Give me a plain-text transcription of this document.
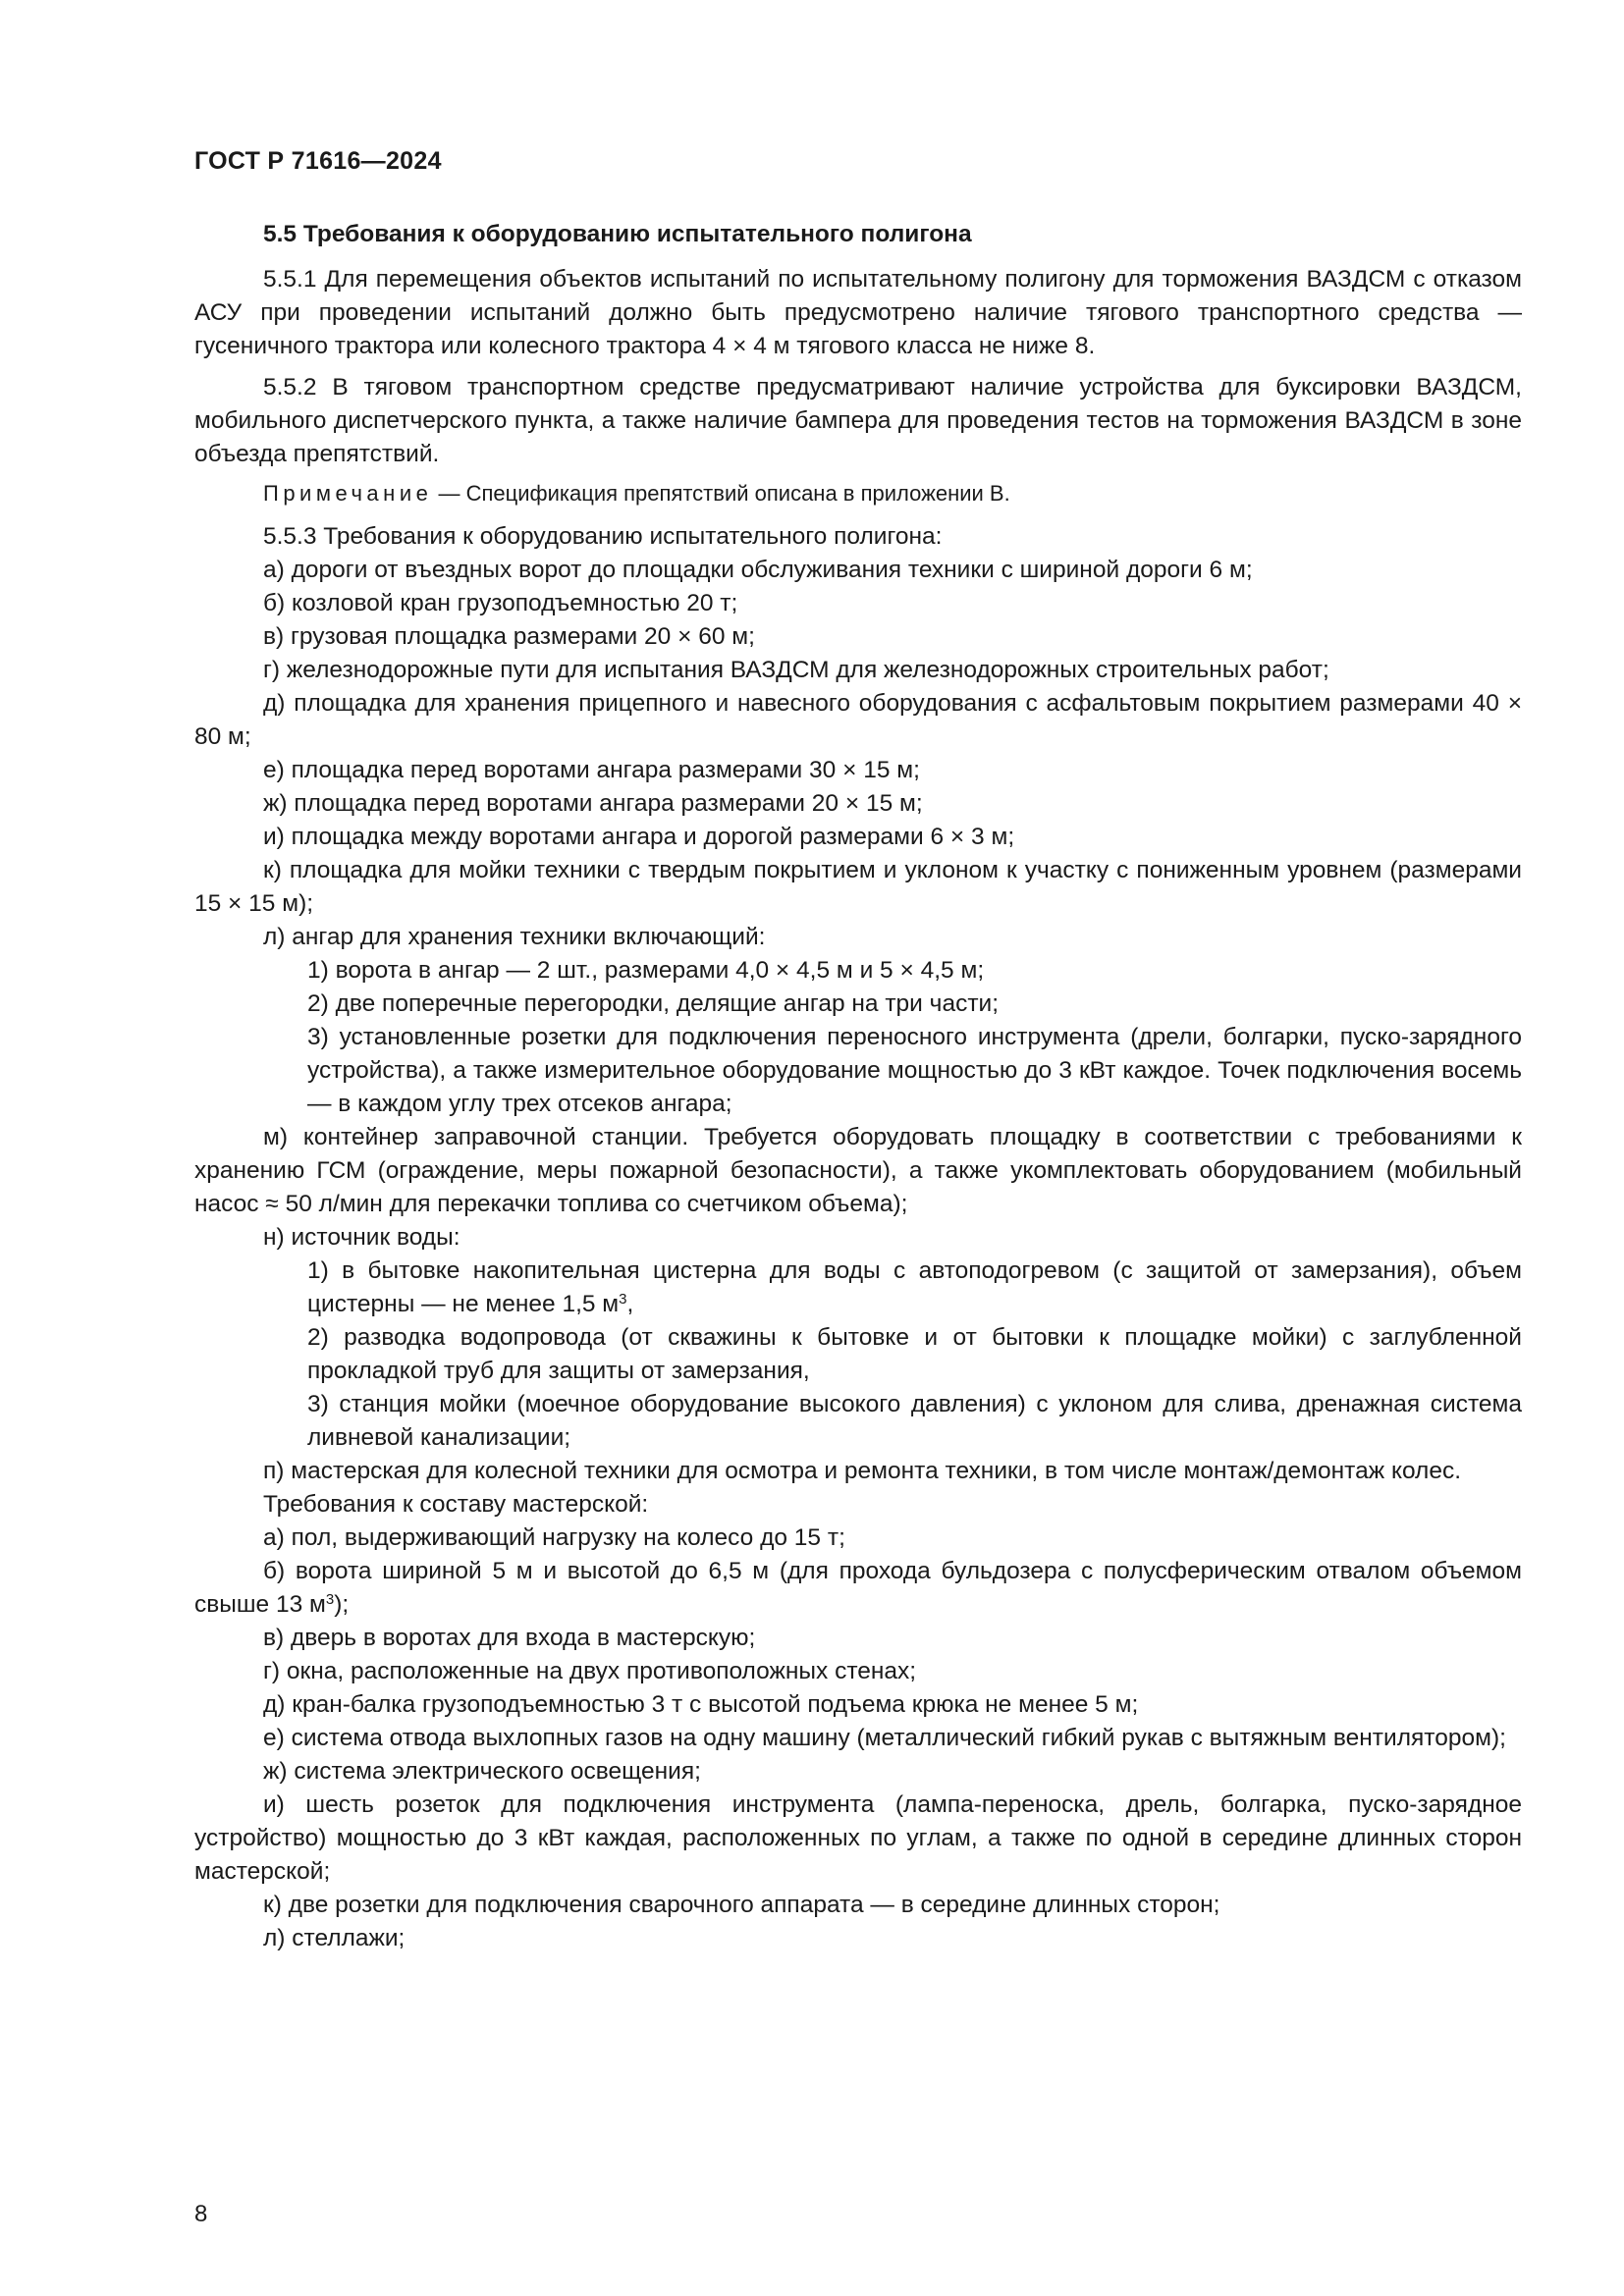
ГОСТ Р 71616—2024

5.5 Требования к оборудованию испытательного полигона

5.5.1 Для перемещения объектов испытаний по испытательному полигону для торможения ВАЗДСМ с отказом АСУ при проведении испытаний должно быть предусмотрено наличие тягового транспортного средства — гусеничного трактора или колесного трактора 4 × 4 м тягового класса не ниже 8.

5.5.2 В тяговом транспортном средстве предусматривают наличие устройства для буксировки ВАЗДСМ, мобильного диспетчерского пункта, а также наличие бампера для проведения тестов на торможения ВАЗДСМ в зоне объезда препятствий.

Примечание — Спецификация препятствий описана в приложении В.

5.5.3 Требования к оборудованию испытательного полигона:

а) дороги от въездных ворот до площадки обслуживания техники с шириной дороги 6 м;

б) козловой кран грузоподъемностью 20 т;

в) грузовая площадка размерами 20 × 60 м;

г) железнодорожные пути для испытания ВАЗДСМ для железнодорожных строительных работ;

д) площадка для хранения прицепного и навесного оборудования с асфальтовым покрытием размерами 40 × 80 м;

е) площадка перед воротами ангара размерами 30 × 15 м;

ж) площадка перед воротами ангара размерами 20 × 15 м;

и) площадка между воротами ангара и дорогой размерами 6 × 3 м;

к) площадка для мойки техники с твердым покрытием и уклоном к участку с пониженным уровнем (размерами 15 × 15 м);

л) ангар для хранения техники включающий:

1) ворота в ангар — 2 шт., размерами 4,0 × 4,5 м и 5 × 4,5 м;

2) две поперечные перегородки, делящие ангар на три части;

3) установленные розетки для подключения переносного инструмента (дрели, болгарки, пуско-зарядного устройства), а также измерительное оборудование мощностью до 3 кВт каждое. Точек подключения восемь — в каждом углу трех отсеков ангара;

м) контейнер заправочной станции. Требуется оборудовать площадку в соответствии с требованиями к хранению ГСМ (ограждение, меры пожарной безопасности), а также укомплектовать оборудованием (мобильный насос ≈ 50 л/мин для перекачки топлива со счетчиком объема);

н) источник воды:

1) в бытовке накопительная цистерна для воды с автоподогревом (с защитой от замерзания), объем цистерны — не менее 1,5 $м^3$,

2) разводка водопровода (от скважины к бытовке и от бытовки к площадке мойки) с заглубленной прокладкой труб для защиты от замерзания,

3) станция мойки (моечное оборудование высокого давления) с уклоном для слива, дренажная система ливневой канализации;

п) мастерская для колесной техники для осмотра и ремонта техники, в том числе монтаж/демонтаж колес.

Требования к составу мастерской:

а) пол, выдерживающий нагрузку на колесо до 15 т;

б) ворота шириной 5 м и высотой до 6,5 м (для прохода бульдозера с полусферическим отвалом объемом свыше 13 $м^3$);

в) дверь в воротах для входа в мастерскую;

г) окна, расположенные на двух противоположных стенах;

д) кран-балка грузоподъемностью 3 т с высотой подъема крюка не менее 5 м;

е) система отвода выхлопных газов на одну машину (металлический гибкий рукав с вытяжным вентилятором);

ж) система электрического освещения;

и) шесть розеток для подключения инструмента (лампа-переноска, дрель, болгарка, пуско-зарядное устройство) мощностью до 3 кВт каждая, расположенных по углам, а также по одной в середине длинных сторон мастерской;

к) две розетки для подключения сварочного аппарата — в середине длинных сторон;

л) стеллажи;

8
